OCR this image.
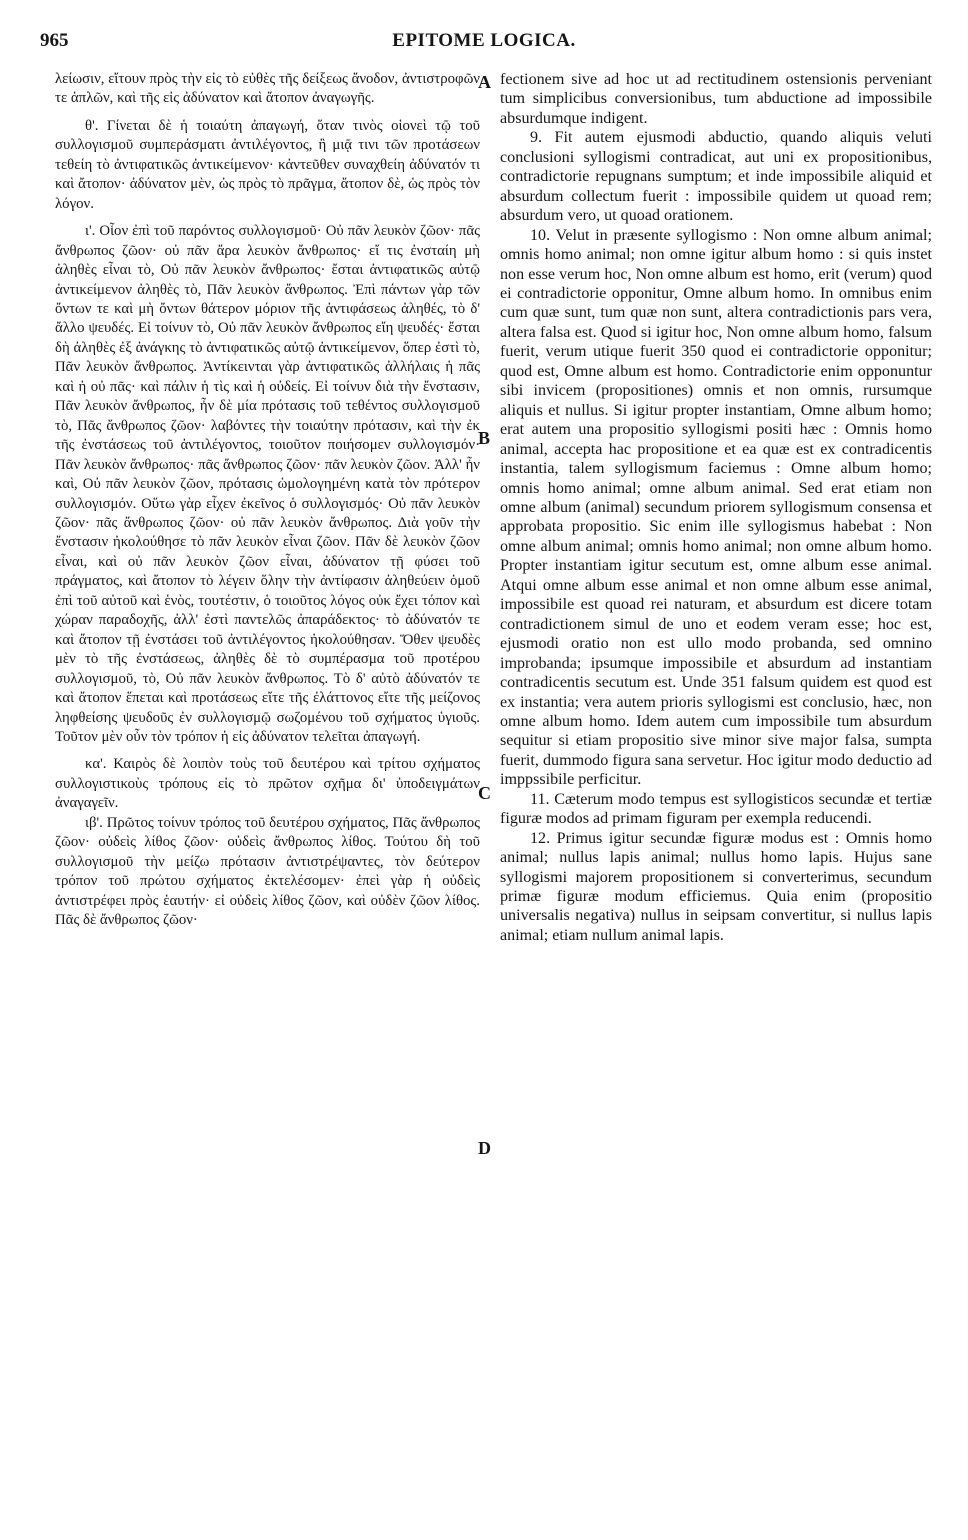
965	EPITOME LOGICA.

λείωσιν, εἴτουν πρὸς τὴν εἰς τὸ εὐθὲς τῆς δείξεως ἄνοδον, ἀντιστροφῶν τε ἁπλῶν, καὶ τῆς εἰς ἀδύνατον καὶ ἄτοπον ἀναγωγῆς.

θ'. Γίνεται δὲ ἡ τοιαύτη ἀπαγωγή, ὅταν τινὸς οἱονεὶ τῷ τοῦ συλλογισμοῦ συμπεράσματι ἀντιλέγοντος, ἢ μιᾷ τινι τῶν προτάσεων τεθείη τὸ ἀντιφατικῶς ἀντικείμενον· κἀντεῦθεν συναχθείη ἀδύνατόν τι καὶ ἄτοπον· ἀδύνατον μὲν, ὡς πρὸς τὸ πρᾶγμα, ἄτοπον δὲ, ὡς πρὸς τὸν λόγον.

ι'. Οἷον ἐπὶ τοῦ παρόντος συλλογισμοῦ· Οὐ πᾶν λευκὸν ζῶον· πᾶς ἄνθρωπος ζῶον· οὐ πᾶν ἄρα λευκὸν ἄνθρωπος· εἴ τις ἐνσταίη μὴ ἀληθὲς εἶναι τὸ, Οὐ πᾶν λευκὸν ἄνθρωπος· ἔσται ἀντιφατικῶς αὐτῷ ἀντικείμενον ἀληθὲς τὸ, Πᾶν λευκὸν ἄνθρωπος. Ἐπὶ πάντων γὰρ τῶν ὄντων τε καὶ μὴ ὄντων θάτερον μόριον τῆς ἀντιφάσεως ἀληθές, τὸ δ' ἄλλο ψευδές. Εἰ τοίνυν τὸ, Οὐ πᾶν λευκὸν ἄνθρωπος εἴη ψευδές· ἔσται δὴ ἀληθὲς ἐξ ἀνάγκης τὸ ἀντιφατικῶς αὐτῷ ἀντικείμενον, ὅπερ ἐστὶ τὸ, Πᾶν λευκὸν ἄνθρωπος. Ἀντίκεινται γὰρ ἀντιφατικῶς ἀλλήλαις ἡ πᾶς καὶ ἡ οὐ πᾶς· καὶ πάλιν ἡ τὶς καὶ ἡ οὐδείς. Εἰ τοίνυν διὰ τὴν ἔνστασιν, Πᾶν λευκὸν ἄνθρωπος, ἦν δὲ μία πρότασις τοῦ τεθέντος συλλογισμοῦ τὸ, Πᾶς ἄνθρωπος ζῶον· λαβόντες τὴν τοιαύτην πρότασιν, καὶ τὴν ἐκ τῆς ἐνστάσεως τοῦ ἀντιλέγοντος, τοιοῦτον ποιήσομεν συλλογισμόν· Πᾶν λευκὸν ἄνθρωπος· πᾶς ἄνθρωπος ζῶον· πᾶν λευκὸν ζῶον. Ἀλλ' ἦν καὶ, Οὐ πᾶν λευκὸν ζῶον, πρότασις ὡμολογημένη κατὰ τὸν πρότερον συλλογισμόν. Οὕτω γὰρ εἶχεν ἐκεῖνος ὁ συλλογισμός· Οὐ πᾶν λευκὸν ζῶον· πᾶς ἄνθρωπος ζῶον· οὐ πᾶν λευκὸν ἄνθρωπος. Διὰ γοῦν τὴν ἔνστασιν ἠκολούθησε τὸ πᾶν λευκὸν εἶναι ζῶον. Πᾶν δὲ λευκὸν ζῶον εἶναι, καὶ οὐ πᾶν λευκὸν ζῶον εἶναι, ἀδύνατον τῇ φύσει τοῦ πράγματος, καὶ ἄτοπον τὸ λέγειν ὅλην τὴν ἀντίφασιν ἀληθεύειν ὁμοῦ ἐπὶ τοῦ αὐτοῦ καὶ ἑνὸς, τουτέστιν, ὁ τοιοῦτος λόγος οὐκ ἔχει τόπον καὶ χώραν παραδοχῆς, ἀλλ' ἐστὶ παντελῶς ἀπαράδεκτος· τὸ ἀδύνατόν τε καὶ ἄτοπον τῇ ἐνστάσει τοῦ ἀντιλέγοντος ἠκολούθησαν. Ὅθεν ψευδὲς μὲν τὸ τῆς ἐνστάσεως, ἀληθὲς δὲ τὸ συμπέρασμα τοῦ προτέρου συλλογισμοῦ, τὸ, Οὐ πᾶν λευκὸν ἄνθρωπος. Τὸ δ' αὐτὸ ἀδύνατόν τε καὶ ἄτοπον ἕπεται καὶ προτάσεως εἴτε τῆς ἐλάττονος εἴτε τῆς μείζονος ληφθείσης ψευδοῦς ἐν συλλογισμῷ σωζομένου τοῦ σχήματος ὑγιοῦς. Τοῦτον μὲν οὖν τὸν τρόπον ἡ εἰς ἀδύνατον τελεῖται ἀπαγωγή.

κα'. Καιρὸς δὲ λοιπὸν τοὺς τοῦ δευτέρου καὶ τρίτου σχήματος συλλογιστικοὺς τρόπους εἰς τὸ πρῶτον σχῆμα δι' ὑποδειγμάτων ἀναγαγεῖν.

ιβ'. Πρῶτος τοίνυν τρόπος τοῦ δευτέρου σχήματος, Πᾶς ἄνθρωπος ζῶον· οὐδεὶς λίθος ζῶον· οὐδεὶς ἄνθρωπος λίθος. Τούτου δὴ τοῦ συλλογισμοῦ τὴν μείζω πρότασιν ἀντιστρέψαντες, τὸν δεύτερον τρόπον τοῦ πρώτου σχήματος ἐκτελέσομεν· ἐπεὶ γὰρ ἡ οὐδεὶς ἀντιστρέφει πρὸς ἑαυτήν· εἰ οὐδεὶς λίθος ζῶον, καὶ οὐδὲν ζῶον λίθος. Πᾶς δὲ ἄνθρωπος ζῶον·

A
B
C
D

fectionem sive ad hoc ut ad rectitudinem ostensionis perveniant tum simplicibus conversionibus, tum abductione ad impossibile absurdumque indigent.

9. Fit autem ejusmodi abductio, quando aliquis veluti conclusioni syllogismi contradicat, aut uni ex propositionibus, contradictorie repugnans sumptum; et inde impossibile aliquid et absurdum collectum fuerit : impossibile quidem ut quoad rem; absurdum vero, ut quoad orationem.

10. Velut in præsente syllogismo : Non omne album animal; omnis homo animal; non omne igitur album homo : si quis instet non esse verum hoc, Non omne album est homo, erit (verum) quod ei contradictorie opponitur, Omne album homo. In omnibus enim cum quæ sunt, tum quæ non sunt, altera contradictionis pars vera, altera falsa est. Quod si igitur hoc, Non omne album homo, falsum fuerit, verum utique fuerit 350 quod ei contradictorie opponitur; quod est, Omne album est homo. Contradictorie enim opponuntur sibi invicem (propositiones) omnis et non omnis, rursumque aliquis et nullus. Si igitur propter instantiam, Omne album homo; erat autem una propositio syllogismi positi hæc : Omnis homo animal, accepta hac propositione et ea quæ est ex contradicentis instantia, talem syllogismum faciemus : Omne album homo; omnis homo animal; omne album animal. Sed erat etiam non omne album (animal) secundum priorem syllogismum consensa et approbata propositio. Sic enim ille syllogismus habebat : Non omne album animal; omnis homo animal; non omne album homo. Propter instantiam igitur secutum est, omne album esse animal. Atqui omne album esse animal et non omne album esse animal, impossibile est quoad rei naturam, et absurdum est dicere totam contradictionem simul de uno et eodem veram esse; hoc est, ejusmodi oratio non est ullo modo probanda, sed omnino improbanda; ipsumque impossibile et absurdum ad instantiam contradicentis secutum est. Unde 351 falsum quidem est quod est ex instantia; vera autem prioris syllogismi est conclusio, hæc, non omne album homo. Idem autem cum impossibile tum absurdum sequitur si etiam propositio sive minor sive major falsa, sumpta fuerit, dummodo figura sana servetur. Hoc igitur modo deductio ad imppssibile perficitur.

11. Cæterum modo tempus est syllogisticos secundæ et tertiæ figuræ modos ad primam figuram per exempla reducendi.

12. Primus igitur secundæ figuræ modus est : Omnis homo animal; nullus lapis animal; nullus homo lapis. Hujus sane syllogismi majorem propositionem si converterimus, secundum primæ figuræ modum efficiemus. Quia enim (propositio universalis negativa) nullus in seipsam convertitur, si nullus lapis animal; etiam nullum animal lapis.
